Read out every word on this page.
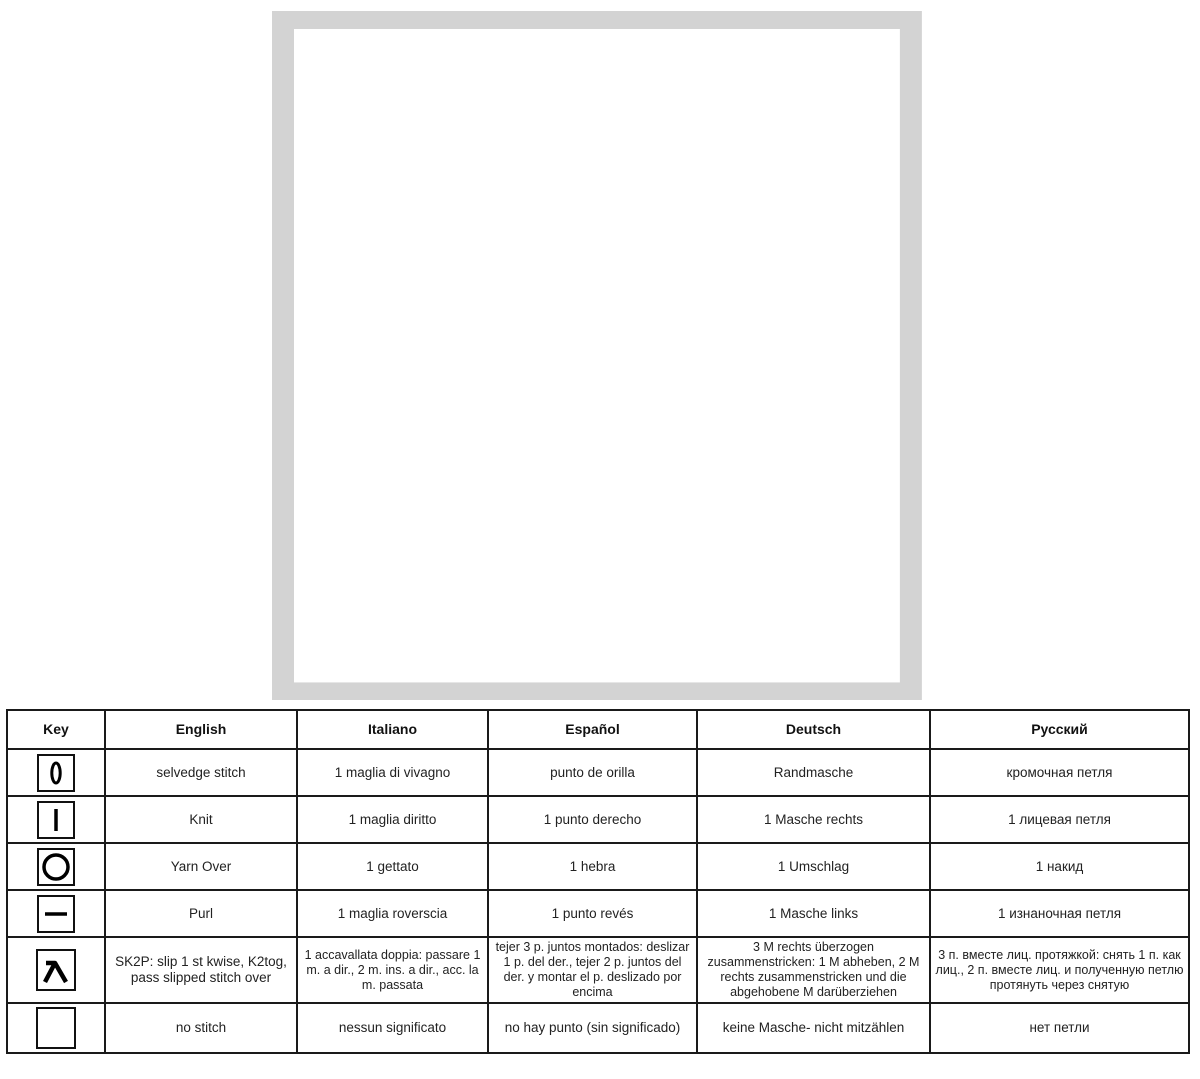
Key	English	Italiano	Español	Deutsch	Русский

	selvedge stitch	1 maglia di vivagno	punto de orilla	Randmasche	кромочная петля

	Knit	1 maglia diritto	1 punto derecho	1 Masche rechts	1 лицевая петля

	Yarn Over	1 gettato	1 hebra	1 Umschlag	1 накид

	Purl	1 maglia roverscia	1 punto revés	1 Masche links	1 изнаночная петля

	SK2P: slip 1 st kwise, K2tog, pass slipped stitch over	1 accavallata doppia: passare 1 m. a dir., 2 m. ins. a dir., acc. la m. passata	tejer 3 p. juntos montados: deslizar 1 p. del der., tejer 2 p. juntos del der. y montar el p. deslizado por encima	3 M rechts überzogen zusammenstricken: 1 M abheben, 2 M rechts zusammenstricken und die abgehobene M darüberziehen	3 п. вместе лиц. протяжкой: снять 1 п. как лиц., 2 п. вместе лиц. и полученную петлю протянуть через снятую

	no stitch	nessun significato	no hay punto (sin significado)	keine Masche- nicht mitzählen	нет петли
